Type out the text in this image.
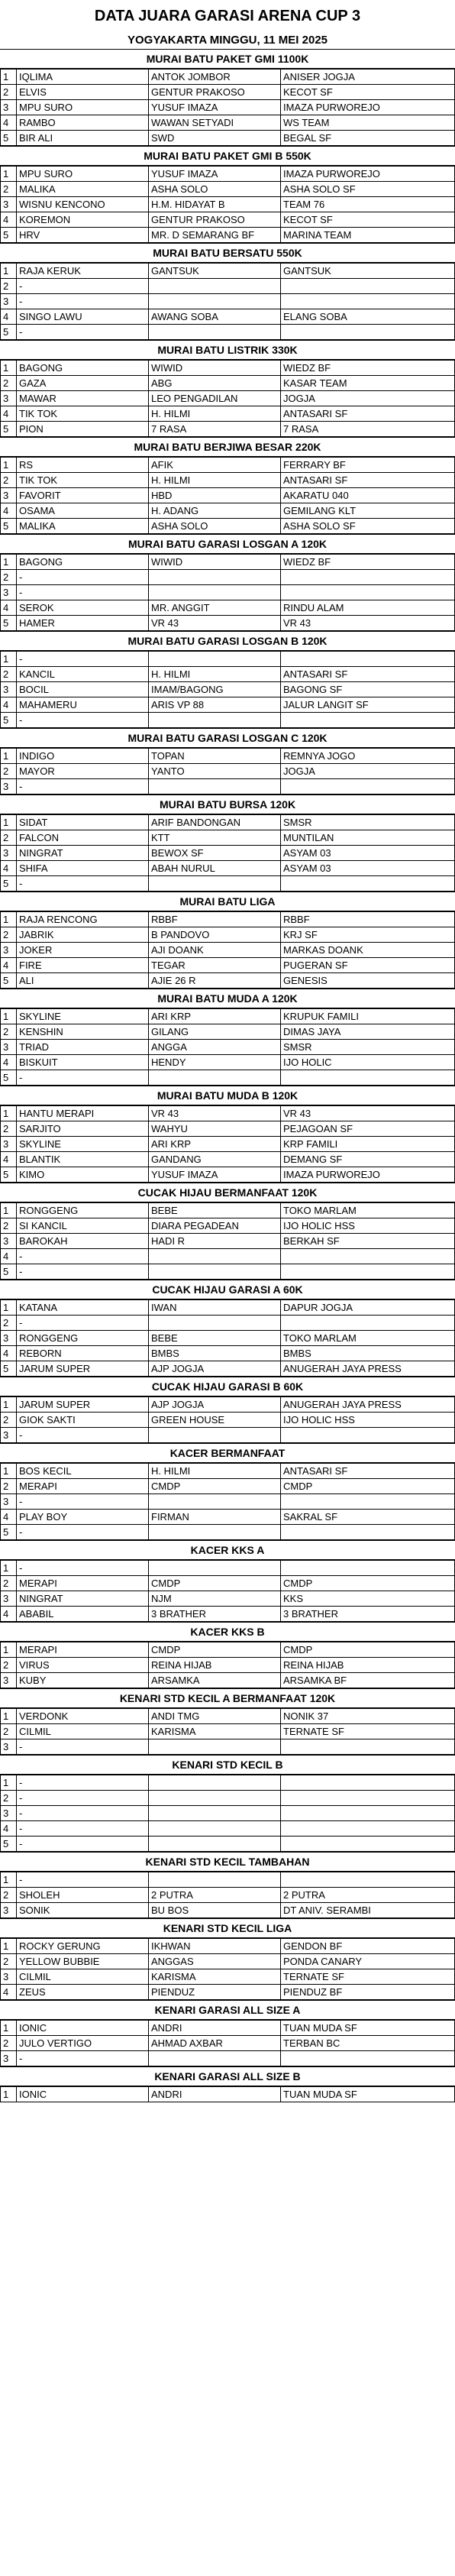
DATA JUARA GARASI ARENA CUP 3
YOGYAKARTA MINGGU, 11 MEI 2025
MURAI BATU PAKET GMI 1100K
1	IQLIMA	ANTOK JOMBOR	ANISER JOGJA
2	ELVIS	GENTUR PRAKOSO	KECOT SF
3	MPU SURO	YUSUF IMAZA	IMAZA PURWOREJO
4	RAMBO	WAWAN SETYADI	WS TEAM
5	BIR ALI	SWD	BEGAL SF
MURAI BATU PAKET GMI B 550K
1	MPU SURO	YUSUF IMAZA	IMAZA PURWOREJO
2	MALIKA	ASHA SOLO	ASHA SOLO SF
3	WISNU KENCONO	H.M. HIDAYAT B	TEAM 76
4	KOREMON	GENTUR PRAKOSO	KECOT SF
5	HRV	MR. D SEMARANG BF	MARINA TEAM
MURAI BATU BERSATU 550K
1	RAJA KERUK	GANTSUK	GANTSUK
2	-		
3	-		
4	SINGO LAWU	AWANG SOBA	ELANG SOBA
5	-		
MURAI BATU LISTRIK 330K
1	BAGONG	WIWID	WIEDZ BF
2	GAZA	ABG	KASAR TEAM
3	MAWAR	LEO PENGADILAN	JOGJA
4	TIK TOK	H. HILMI	ANTASARI SF
5	PION	7 RASA	7 RASA
MURAI BATU BERJIWA BESAR 220K
1	RS	AFIK	FERRARY BF
2	TIK TOK	H. HILMI	ANTASARI SF
3	FAVORIT	HBD	AKARATU 040
4	OSAMA	H. ADANG	GEMILANG KLT
5	MALIKA	ASHA SOLO	ASHA SOLO SF
MURAI BATU GARASI LOSGAN A 120K
1	BAGONG	WIWID	WIEDZ BF
2	-		
3	-		
4	SEROK	MR. ANGGIT	RINDU ALAM
5	HAMER	VR 43	VR 43
MURAI BATU GARASI LOSGAN B 120K
1	-		
2	KANCIL	H. HILMI	ANTASARI SF
3	BOCIL	IMAM/BAGONG	BAGONG SF
4	MAHAMERU	ARIS VP 88	JALUR LANGIT SF
5	-		
MURAI BATU GARASI LOSGAN C 120K
1	INDIGO	TOPAN	REMNYA JOGO
2	MAYOR	YANTO	JOGJA
3	-		
MURAI BATU BURSA 120K
1	SIDAT	ARIF BANDONGAN	SMSR
2	FALCON	KTT	MUNTILAN
3	NINGRAT	BEWOX SF	ASYAM 03
4	SHIFA	ABAH NURUL	ASYAM 03
5	-		
MURAI BATU LIGA
1	RAJA RENCONG	RBBF	RBBF
2	JABRIK	B PANDOVO	KRJ SF
3	JOKER	AJI DOANK	MARKAS DOANK
4	FIRE	TEGAR	PUGERAN SF
5	ALI	AJIE 26 R	GENESIS
MURAI BATU MUDA A 120K
1	SKYLINE	ARI KRP	KRUPUK FAMILI
2	KENSHIN	GILANG	DIMAS JAYA
3	TRIAD	ANGGA	SMSR
4	BISKUIT	HENDY	IJO HOLIC
5	-		
MURAI BATU MUDA B 120K
1	HANTU MERAPI	VR 43	VR 43
2	SARJITO	WAHYU	PEJAGOAN SF
3	SKYLINE	ARI KRP	KRP FAMILI
4	BLANTIK	GANDANG	DEMANG SF
5	KIMO	YUSUF IMAZA	IMAZA PURWOREJO
CUCAK HIJAU BERMANFAAT 120K
1	RONGGENG	BEBE	TOKO MARLAM
2	SI KANCIL	DIARA PEGADEAN	IJO HOLIC HSS
3	BAROKAH	HADI R	BERKAH SF
4	-		
5	-		
CUCAK HIJAU GARASI A 60K
1	KATANA	IWAN	DAPUR JOGJA
2	-		
3	RONGGENG	BEBE	TOKO MARLAM
4	REBORN	BMBS	BMBS
5	JARUM SUPER	AJP JOGJA	ANUGERAH JAYA PRESS
CUCAK HIJAU GARASI B 60K
1	JARUM SUPER	AJP JOGJA	ANUGERAH JAYA PRESS
2	GIOK SAKTI	GREEN HOUSE	IJO HOLIC HSS
3	-		
KACER BERMANFAAT
1	BOS KECIL	H. HILMI	ANTASARI SF
2	MERAPI	CMDP	CMDP
3	-		
4	PLAY BOY	FIRMAN	SAKRAL SF
5	-		
KACER KKS A
1	-		
2	MERAPI	CMDP	CMDP
3	NINGRAT	NJM	KKS
4	ABABIL	3 BRATHER	3 BRATHER
KACER KKS B
1	MERAPI	CMDP	CMDP
2	VIRUS	REINA HIJAB	REINA HIJAB
3	KUBY	ARSAMKA	ARSAMKA BF
KENARI STD KECIL A BERMANFAAT 120K
1	VERDONK	ANDI TMG	NONIK 37
2	CILMIL	KARISMA	TERNATE SF
3	-		
KENARI STD KECIL B
1	-		
2	-		
3	-		
4	-		
5	-		
KENARI STD KECIL TAMBAHAN
1	-		
2	SHOLEH	2 PUTRA	2 PUTRA
3	SONIK	BU BOS	DT ANIV. SERAMBI
KENARI STD KECIL LIGA
1	ROCKY GERUNG	IKHWAN	GENDON BF
2	YELLOW BUBBIE	ANGGAS	PONDA CANARY
3	CILMIL	KARISMA	TERNATE SF
4	ZEUS	PIENDUZ	PIENDUZ BF
KENARI GARASI ALL SIZE A
1	IONIC	ANDRI	TUAN MUDA SF
2	JULO VERTIGO	AHMAD AXBAR	TERBAN BC
3	-		
KENARI GARASI ALL SIZE B
1	IONIC	ANDRI	TUAN MUDA SF
